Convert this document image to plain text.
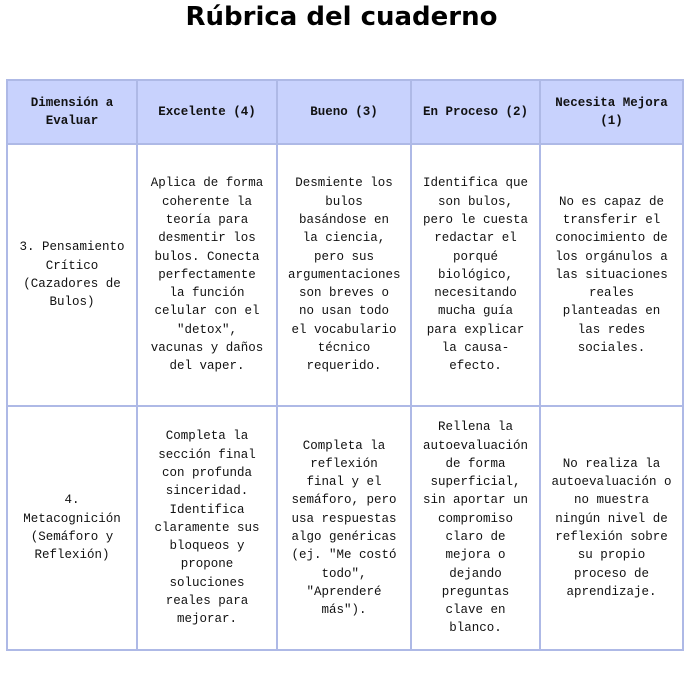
Rúbrica del cuaderno
Dimensión a Evaluar	Excelente (4)	Bueno (3)	En Proceso (2)	Necesita Mejora (1)
3. Pensamiento Crítico (Cazadores de Bulos)	Aplica de forma coherente la teoría para desmentir los bulos. Conecta perfectamente la función celular con el "detox", vacunas y daños del vaper.	Desmiente los bulos basándose en la ciencia, pero sus argumentaciones son breves o no usan todo el vocabulario técnico requerido.	Identifica que son bulos, pero le cuesta redactar el porqué biológico, necesitando mucha guía para explicar la causa-efecto.	No es capaz de transferir el conocimiento de los orgánulos a las situaciones reales planteadas en las redes sociales.
4. Metacognición (Semáforo y Reflexión)	Completa la sección final con profunda sinceridad. Identifica claramente sus bloqueos y propone soluciones reales para mejorar.	Completa la reflexión final y el semáforo, pero usa respuestas algo genéricas (ej. "Me costó todo", "Aprenderé más").	Rellena la autoevaluación de forma superficial, sin aportar un compromiso claro de mejora o dejando preguntas clave en blanco.	No realiza la autoevaluación o no muestra ningún nivel de reflexión sobre su propio proceso de aprendizaje.
